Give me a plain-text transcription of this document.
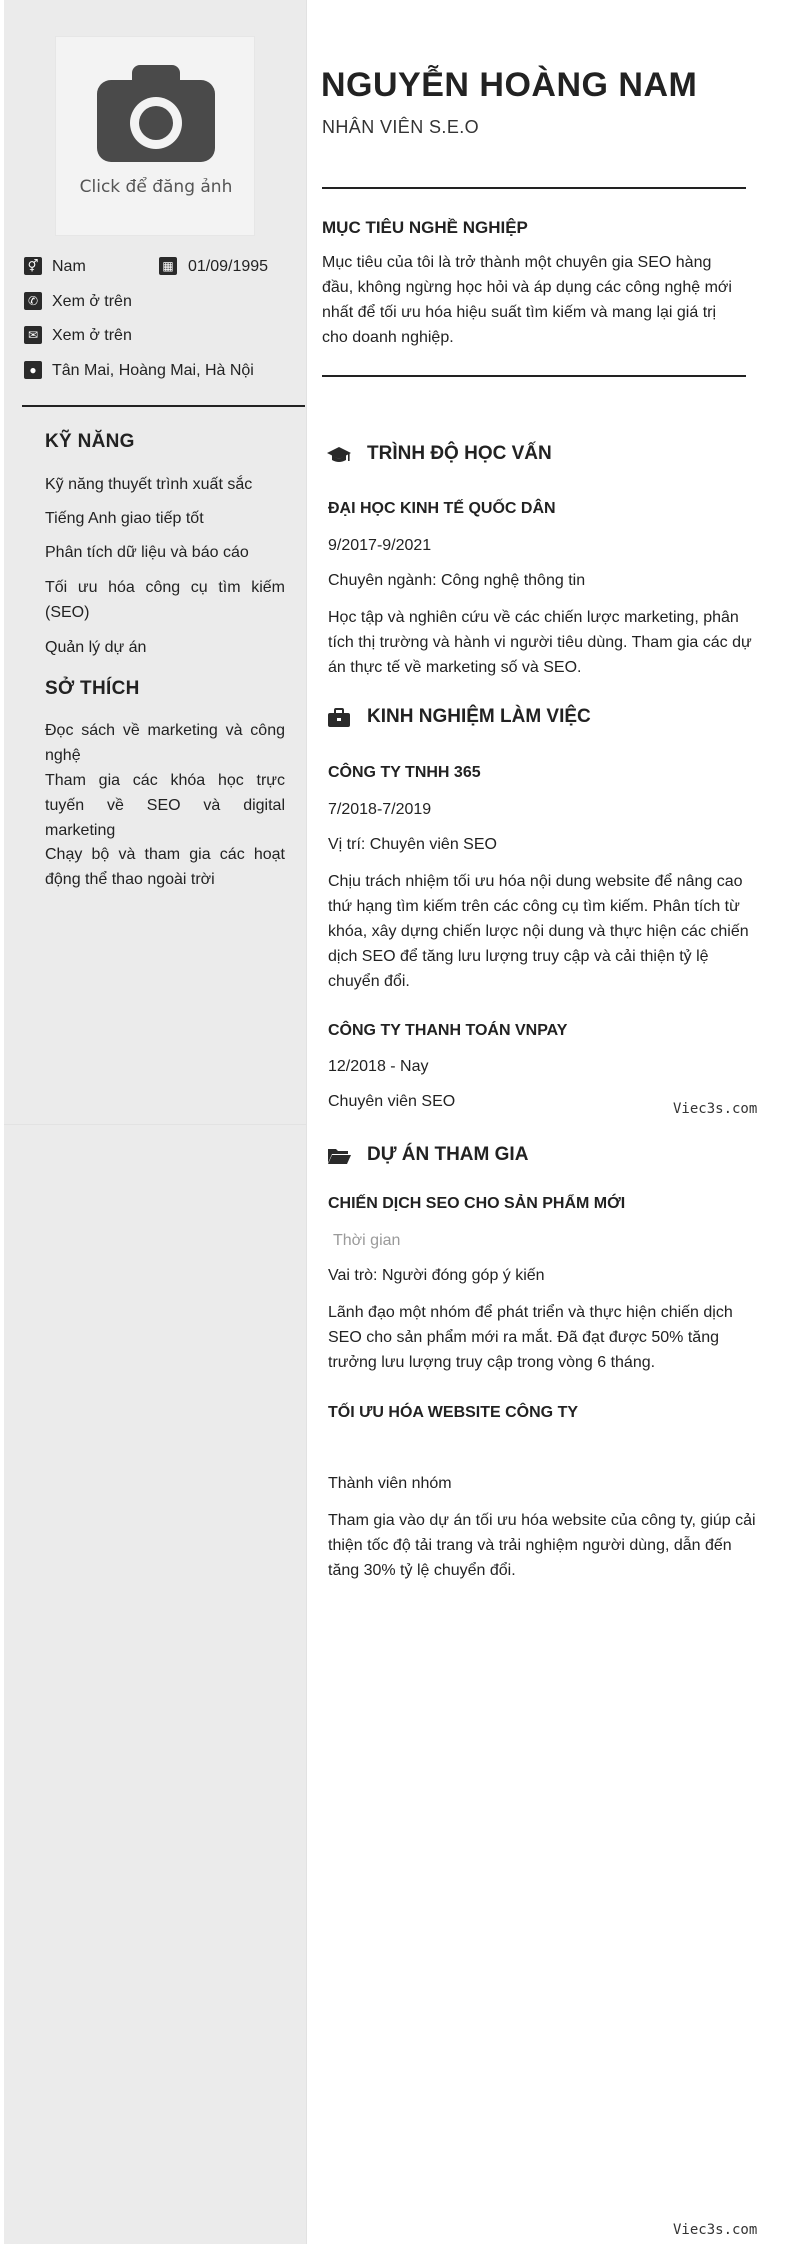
Click để đăng ảnh
⚥ Nam	▦ 01/09/1995
✆ Xem ở trên
✉ Xem ở trên
● Tân Mai, Hoàng Mai, Hà Nội
KỸ NĂNG
Kỹ năng thuyết trình xuất sắc
Tiếng Anh giao tiếp tốt
Phân tích dữ liệu và báo cáo
Tối ưu hóa công cụ tìm kiếm (SEO)
Quản lý dự án
SỞ THÍCH
Đọc sách về marketing và công nghệ
Tham gia các khóa học trực tuyến về SEO và digital marketing
Chạy bộ và tham gia các hoạt động thể thao ngoài trời
NGUYỄN HOÀNG NAM
NHÂN VIÊN S.E.O
MỤC TIÊU NGHỀ NGHIỆP
Mục tiêu của tôi là trở thành một chuyên gia SEO hàng đầu, không ngừng học hỏi và áp dụng các công nghệ mới nhất để tối ưu hóa hiệu suất tìm kiếm và mang lại giá trị cho doanh nghiệp.
TRÌNH ĐỘ HỌC VẤN
ĐẠI HỌC KINH TẾ QUỐC DÂN
9/2017-9/2021
Chuyên ngành: Công nghệ thông tin
Học tập và nghiên cứu về các chiến lược marketing, phân tích thị trường và hành vi người tiêu dùng. Tham gia các dự án thực tế về marketing số và SEO.
KINH NGHIỆM LÀM VIỆC
CÔNG TY TNHH 365
7/2018-7/2019
Vị trí: Chuyên viên SEO
Chịu trách nhiệm tối ưu hóa nội dung website để nâng cao thứ hạng tìm kiếm trên các công cụ tìm kiếm. Phân tích từ khóa, xây dựng chiến lược nội dung và thực hiện các chiến dịch SEO để tăng lưu lượng truy cập và cải thiện tỷ lệ chuyển đổi.
CÔNG TY THANH TOÁN VNPAY
12/2018 - Nay
Chuyên viên SEO	Viec3s.com
DỰ ÁN THAM GIA
CHIẾN DỊCH SEO CHO SẢN PHẨM MỚI
Thời gian
Vai trò: Người đóng góp ý kiến
Lãnh đạo một nhóm để phát triển và thực hiện chiến dịch SEO cho sản phẩm mới ra mắt. Đã đạt được 50% tăng trưởng lưu lượng truy cập trong vòng 6 tháng.
TỐI ƯU HÓA WEBSITE CÔNG TY
Thành viên nhóm
Tham gia vào dự án tối ưu hóa website của công ty, giúp cải thiện tốc độ tải trang và trải nghiệm người dùng, dẫn đến tăng 30% tỷ lệ chuyển đổi.
Viec3s.com
